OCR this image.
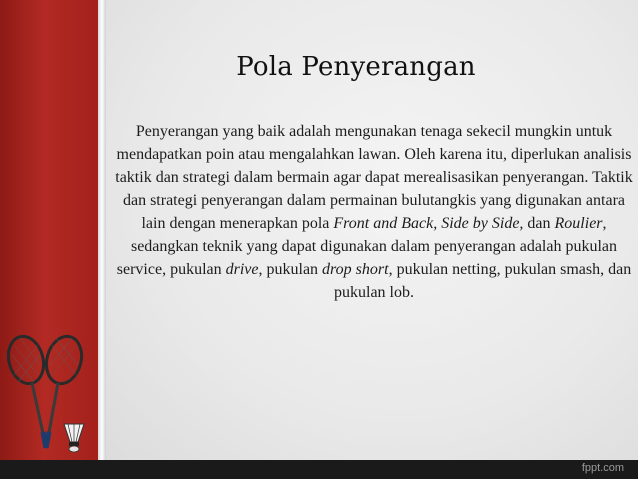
Pola Penyerangan
Penyerangan yang baik adalah mengunakan tenaga sekecil mungkin untuk mendapatkan poin atau mengalahkan lawan. Oleh karena itu, diperlukan analisis taktik dan strategi dalam bermain agar dapat merealisasikan penyerangan. Taktik dan strategi penyerangan dalam permainan bulutangkis yang digunakan antara lain dengan menerapkan pola Front and Back, Side by Side, dan Roulier, sedangkan teknik yang dapat digunakan dalam penyerangan adalah pukulan service, pukulan drive, pukulan drop short, pukulan netting, pukulan smash, dan pukulan lob.
fppt.com
